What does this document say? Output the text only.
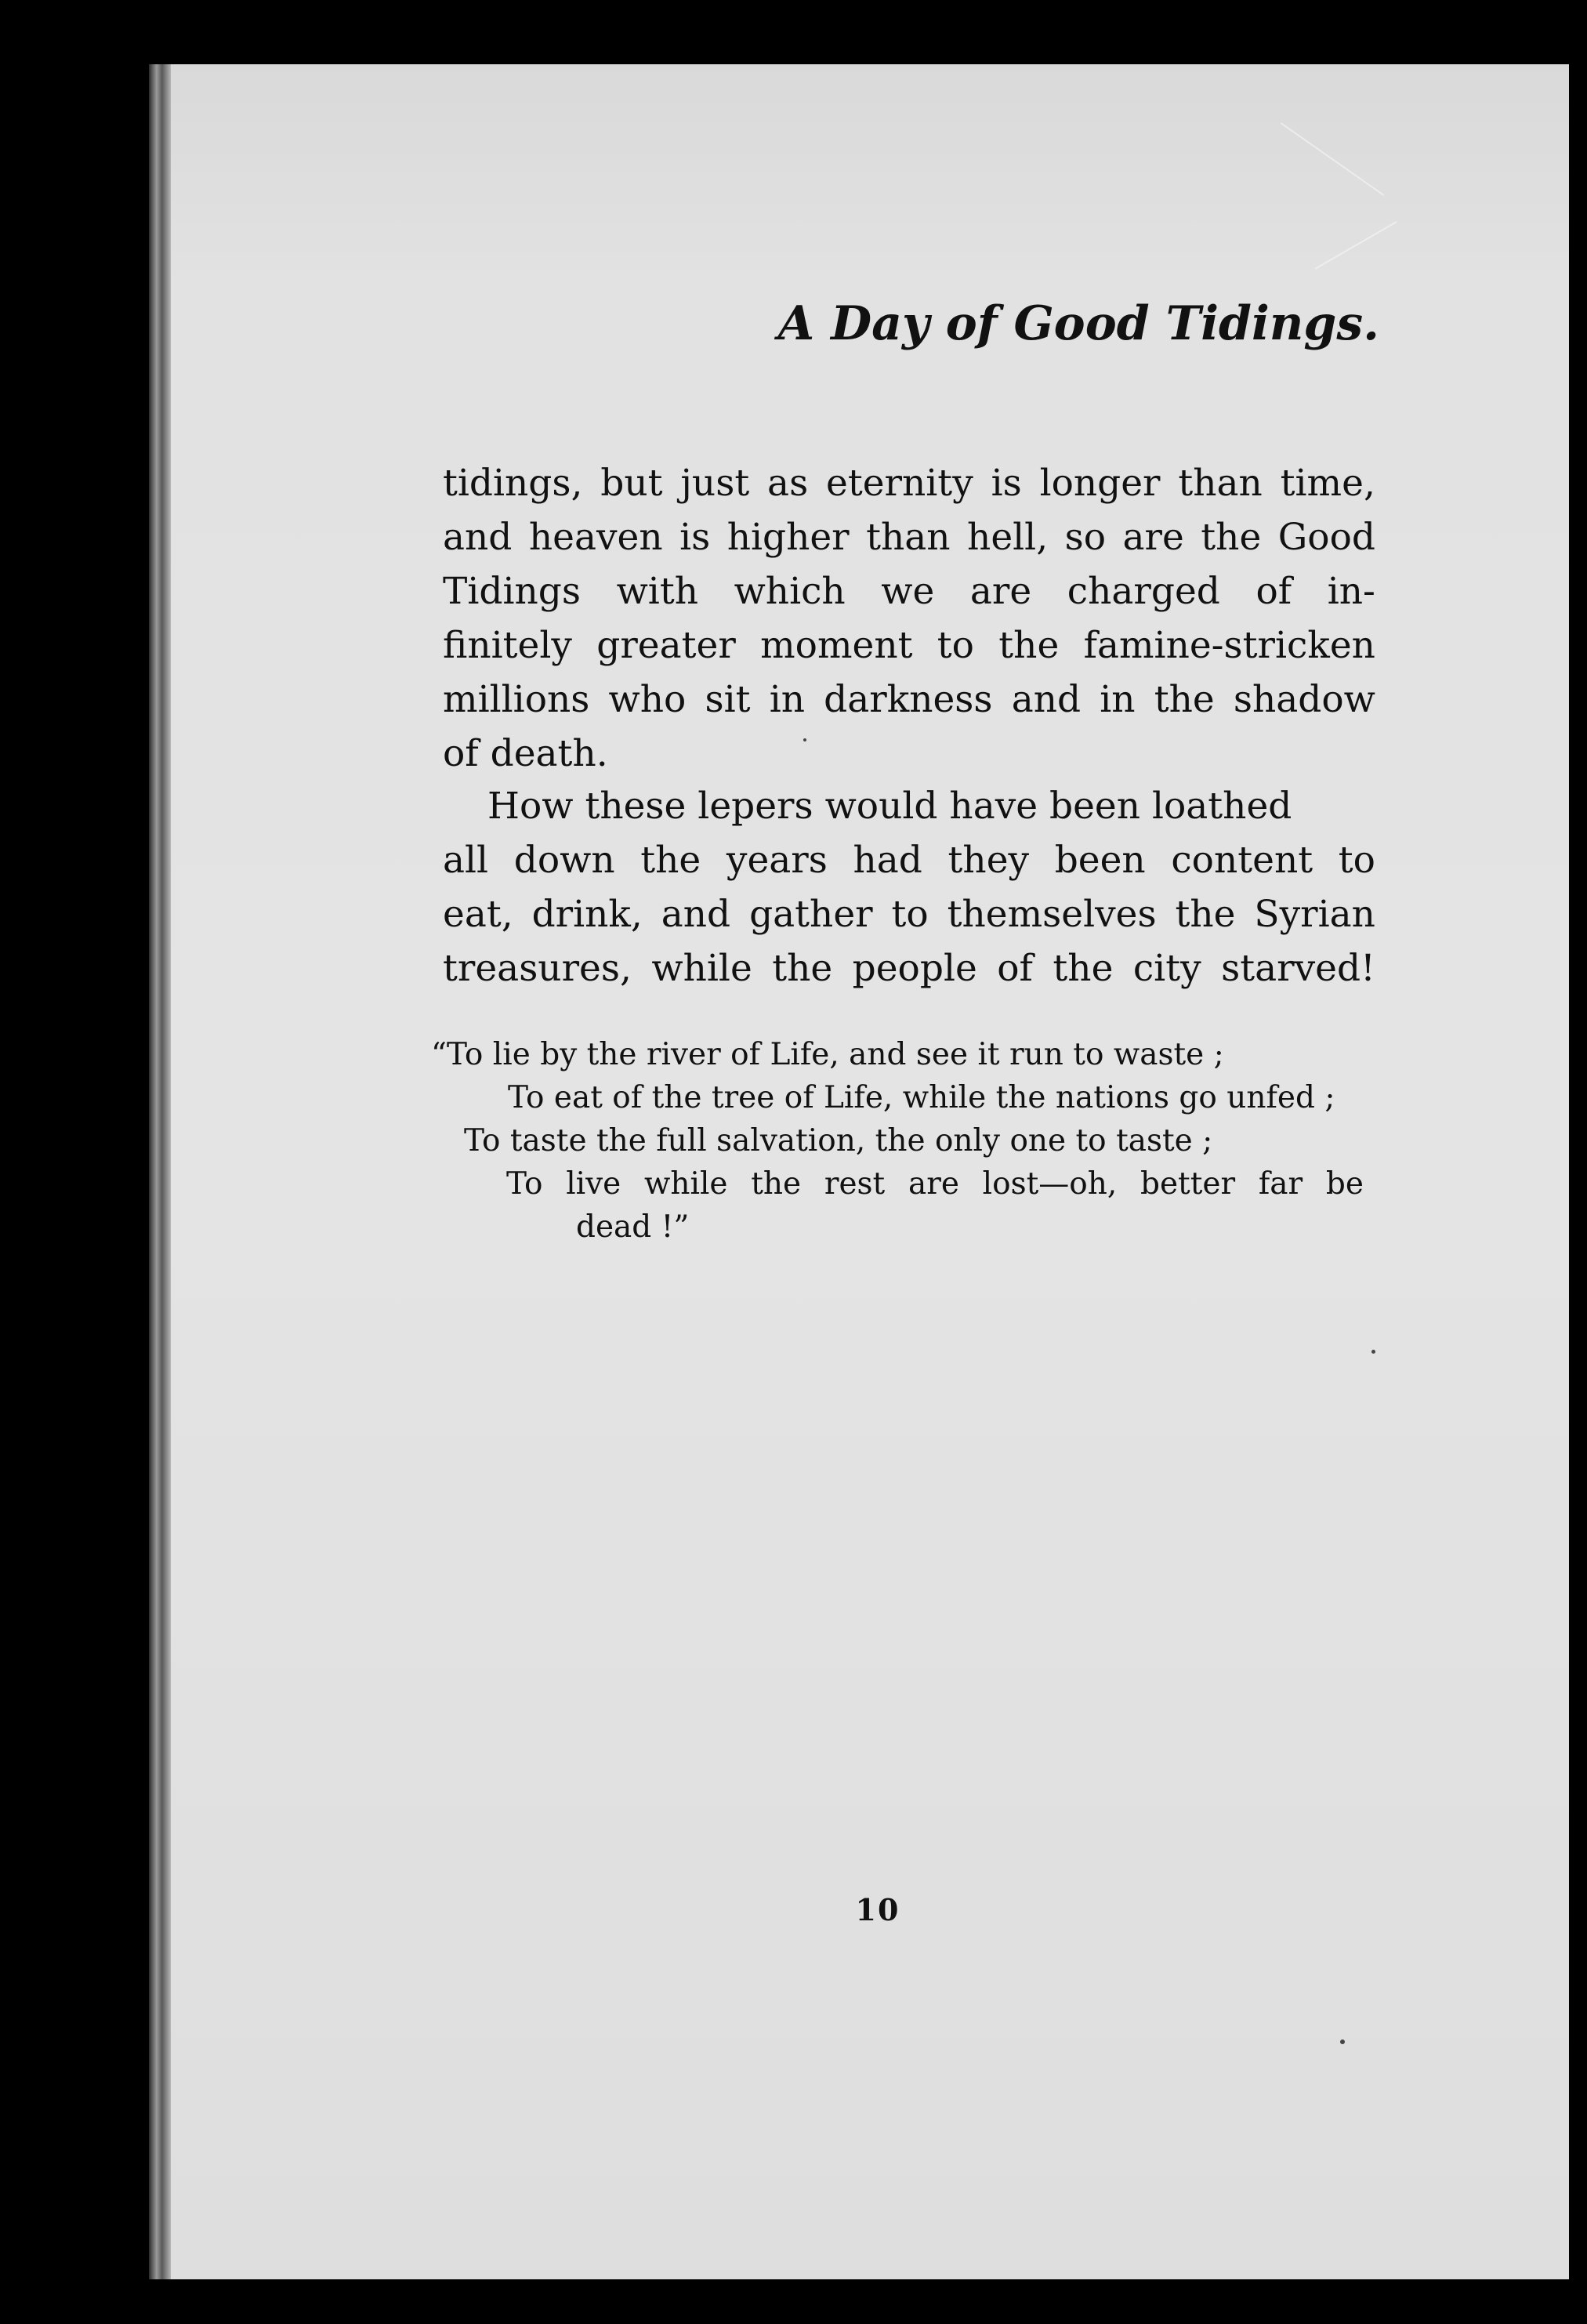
A Day of Good Tidings.
tidings, but just as eternity is longer than time,
and heaven is higher than hell, so are the Good
Tidings with which we are charged of in-
finitely greater moment to the famine-stricken
millions who sit in darkness and in the shadow
of death.
How these lepers would have been loathed
all down the years had they been content to
eat, drink, and gather to themselves the Syrian
treasures, while the people of the city starved!
“To lie by the river of Life, and see it run to waste ;
To eat of the tree of Life, while the nations go unfed ;
To taste the full salvation, the only one to taste ;
To live while the rest are lost—oh, better far be
dead !”
10
